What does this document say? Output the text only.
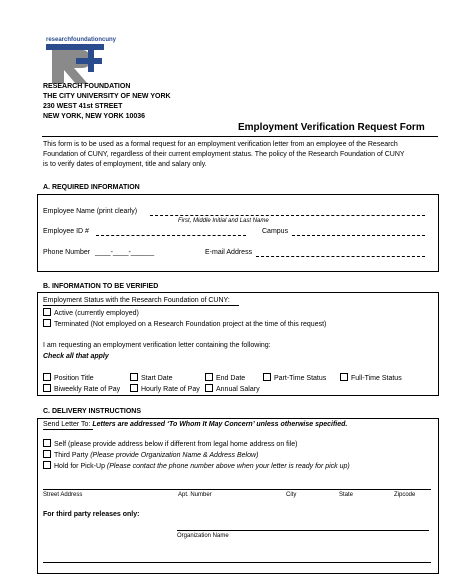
researchfoundationcuny
RESEARCH FOUNDATION
THE CITY UNIVERSITY OF NEW YORK
230 WEST 41st STREET
NEW YORK, NEW YORK 10036
Employment Verification Request Form
This form is to be used as a formal request for an employment verification letter from an employee of the Research
Foundation of CUNY, regardless of their current employment status. The policy of the Research Foundation of CUNY
is to verify dates of employment, title and salary only.
A. REQUIRED INFORMATION
Employee Name (print clearly)
First, Middle Initial and Last Name
Employee ID #	Campus
Phone Number ____-____-______	E-mail Address
B. INFORMATION TO BE VERIFIED
Employment Status with the Research Foundation of CUNY:
Active (currently employed)
Terminated (Not employed on a Research Foundation project at the time of this request)
I am requesting an employment verification letter containing the following:
Check all that apply
Position Title	Start Date	End Date	Part-Time Status	Full-Time Status
Biweekly Rate of Pay	Hourly Rate of Pay	Annual Salary
C. DELIVERY INSTRUCTIONS
Send Letter To: Letters are addressed ‘To Whom It May Concern’ unless otherwise specified.
Self (please provide address below if different from legal home address on file)
Third Party (Please provide Organization Name & Address Below)
Hold for Pick-Up (Please contact the phone number above when your letter is ready for pick up)
Street Address	Apt. Number	City	State	Zipcode
For third party releases only:
Organization Name
